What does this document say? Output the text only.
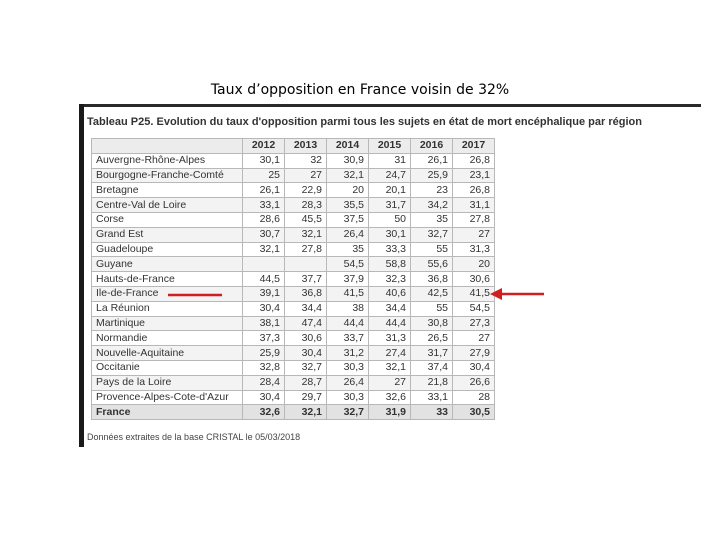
Taux d’opposition en France voisin de 32%
Tableau P25. Evolution du taux d'opposition parmi tous les sujets en état de mort encéphalique par région
	2012	2013	2014	2015	2016	2017
Auvergne-Rhône-Alpes	30,1	32	30,9	31	26,1	26,8
Bourgogne-Franche-Comté	25	27	32,1	24,7	25,9	23,1
Bretagne	26,1	22,9	20	20,1	23	26,8
Centre-Val de Loire	33,1	28,3	35,5	31,7	34,2	31,1
Corse	28,6	45,5	37,5	50	35	27,8
Grand Est	30,7	32,1	26,4	30,1	32,7	27
Guadeloupe	32,1	27,8	35	33,3	55	31,3
Guyane			54,5	58,8	55,6	20
Hauts-de-France	44,5	37,7	37,9	32,3	36,8	30,6
Ile-de-France	39,1	36,8	41,5	40,6	42,5	41,5
La Réunion	30,4	34,4	38	34,4	55	54,5
Martinique	38,1	47,4	44,4	44,4	30,8	27,3
Normandie	37,3	30,6	33,7	31,3	26,5	27
Nouvelle-Aquitaine	25,9	30,4	31,2	27,4	31,7	27,9
Occitanie	32,8	32,7	30,3	32,1	37,4	30,4
Pays de la Loire	28,4	28,7	26,4	27	21,8	26,6
Provence-Alpes-Cote-d'Azur	30,4	29,7	30,3	32,6	33,1	28
France	32,6	32,1	32,7	31,9	33	30,5
Données extraites de la base CRISTAL le 05/03/2018
